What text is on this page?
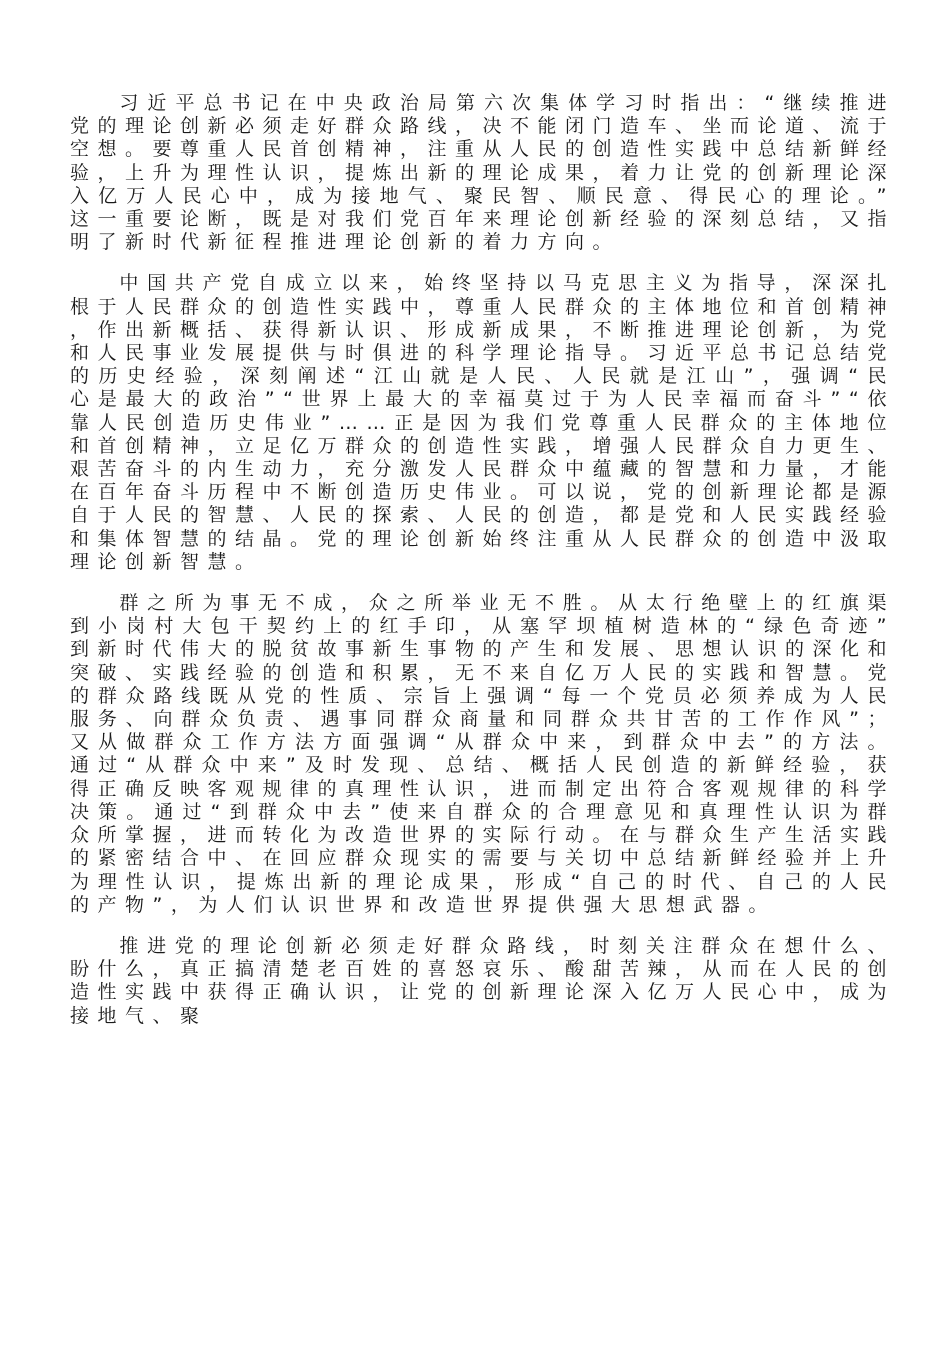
习近平总书记在中央政治局第六次集体学习时指出：“继续推进党的理论创新必须走好群众路线，决不能闭门造车、坐而论道、流于空想。要尊重人民首创精神，注重从人民的创造性实践中总结新鲜经验，上升为理性认识，提炼出新的理论成果，着力让党的创新理论深入亿万人民心中，成为接地气、聚民智、顺民意、得民心的理论。”这一重要论断，既是对我们党百年来理论创新经验的深刻总结，又指明了新时代新征程推进理论创新的着力方向。

中国共产党自成立以来，始终坚持以马克思主义为指导，深深扎根于人民群众的创造性实践中，尊重人民群众的主体地位和首创精神，作出新概括、获得新认识、形成新成果，不断推进理论创新，为党和人民事业发展提供与时俱进的科学理论指导。习近平总书记总结党的历史经验，深刻阐述“江山就是人民、人民就是江山”，强调“民心是最大的政治”“世界上最大的幸福莫过于为人民幸福而奋斗”“依靠人民创造历史伟业”……正是因为我们党尊重人民群众的主体地位和首创精神，立足亿万群众的创造性实践，增强人民群众自力更生、艰苦奋斗的内生动力，充分激发人民群众中蕴藏的智慧和力量，才能在百年奋斗历程中不断创造历史伟业。可以说，党的创新理论都是源自于人民的智慧、人民的探索、人民的创造，都是党和人民实践经验和集体智慧的结晶。党的理论创新始终注重从人民群众的创造中汲取理论创新智慧。

群之所为事无不成，众之所举业无不胜。从太行绝壁上的红旗渠到小岗村大包干契约上的红手印，从塞罕坝植树造林的“绿色奇迹”到新时代伟大的脱贫故事新生事物的产生和发展、思想认识的深化和突破、实践经验的创造和积累，无不来自亿万人民的实践和智慧。党的群众路线既从党的性质、宗旨上强调“每一个党员必须养成为人民服务、向群众负责、遇事同群众商量和同群众共甘苦的工作作风”；又从做群众工作方法方面强调“从群众中来，到群众中去”的方法。通过“从群众中来”及时发现、总结、概括人民创造的新鲜经验，获得正确反映客观规律的真理性认识，进而制定出符合客观规律的科学决策。通过“到群众中去”使来自群众的合理意见和真理性认识为群众所掌握，进而转化为改造世界的实际行动。在与群众生产生活实践的紧密结合中、在回应群众现实的需要与关切中总结新鲜经验并上升为理性认识，提炼出新的理论成果，形成“自己的时代、自己的人民的产物”，为人们认识世界和改造世界提供强大思想武器。

推进党的理论创新必须走好群众路线，时刻关注群众在想什么、盼什么，真正搞清楚老百姓的喜怒哀乐、酸甜苦辣，从而在人民的创造性实践中获得正确认识，让党的创新理论深入亿万人民心中，成为接地气、聚
